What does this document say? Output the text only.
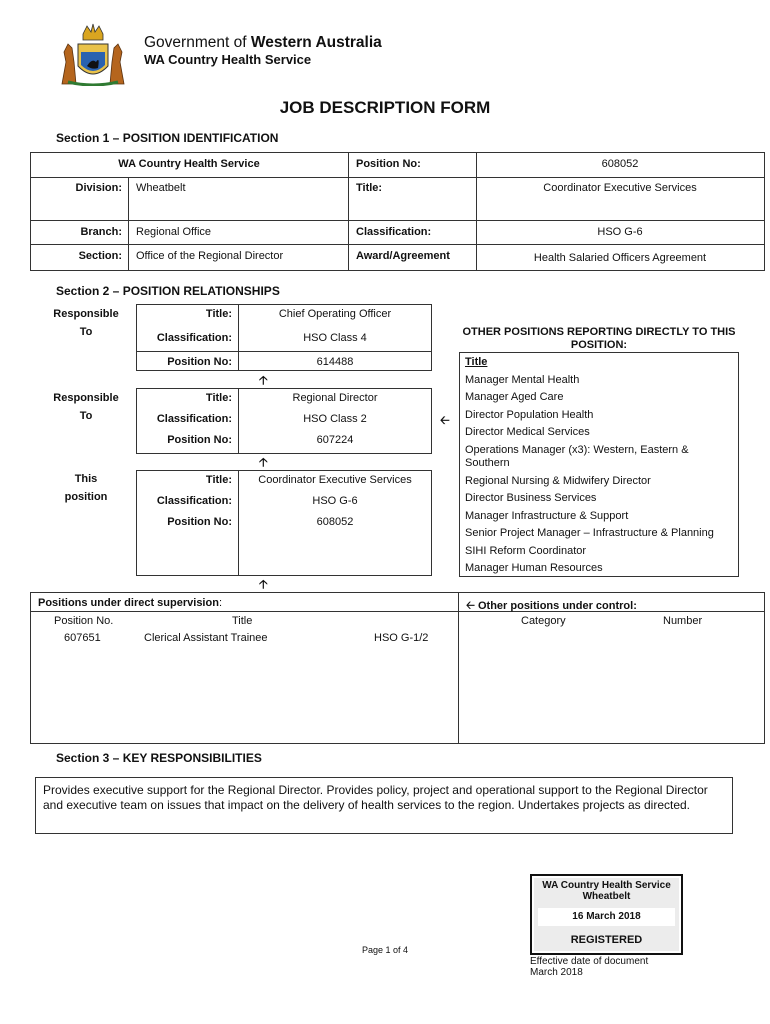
Government of Western Australia
WA Country Health Service
JOB DESCRIPTION FORM
Section 1 – POSITION IDENTIFICATION
WA Country Health Service	Position No:	608052
Division: Wheatbelt	Title:	Coordinator Executive Services
Branch: Regional Office	Classification:	HSO G-6
Section: Office of the Regional Director	Award/Agreement	Health Salaried Officers Agreement
Section 2 – POSITION RELATIONSHIPS
Responsible
To
Responsible
To
This
position
Title:	Chief Operating Officer
Classification:	HSO Class 4
Position No:	614488
🡡
Title:	Regional Director
Classification:	HSO Class 2
Position No:	607224
🡠
🡡
Title:	Coordinator Executive Services
Classification:	HSO G-6
Position No:	608052
🡡
OTHER POSITIONS REPORTING DIRECTLY TO THIS POSITION:
Title
Manager Mental Health
Manager Aged Care
Director Population Health
Director Medical Services
Operations Manager (x3): Western, Eastern & Southern
Regional Nursing & Midwifery Director
Director Business Services
Manager Infrastructure & Support
Senior Project Manager – Infrastructure & Planning
SIHI Reform Coordinator
Manager Human Resources
Positions under direct supervision:	🡠 Other positions under control:
Position No.	Title	Category	Number
607651	Clerical Assistant Trainee	HSO G-1/2
Section 3 – KEY RESPONSIBILITIES
Provides executive support for the Regional Director. Provides policy, project and operational support to the Regional Director and executive team on issues that impact on the delivery of health services to the region. Undertakes projects as directed.
WA Country Health Service
Wheatbelt
16 March 2018
REGISTERED
Page 1 of 4
Effective date of document
March 2018
